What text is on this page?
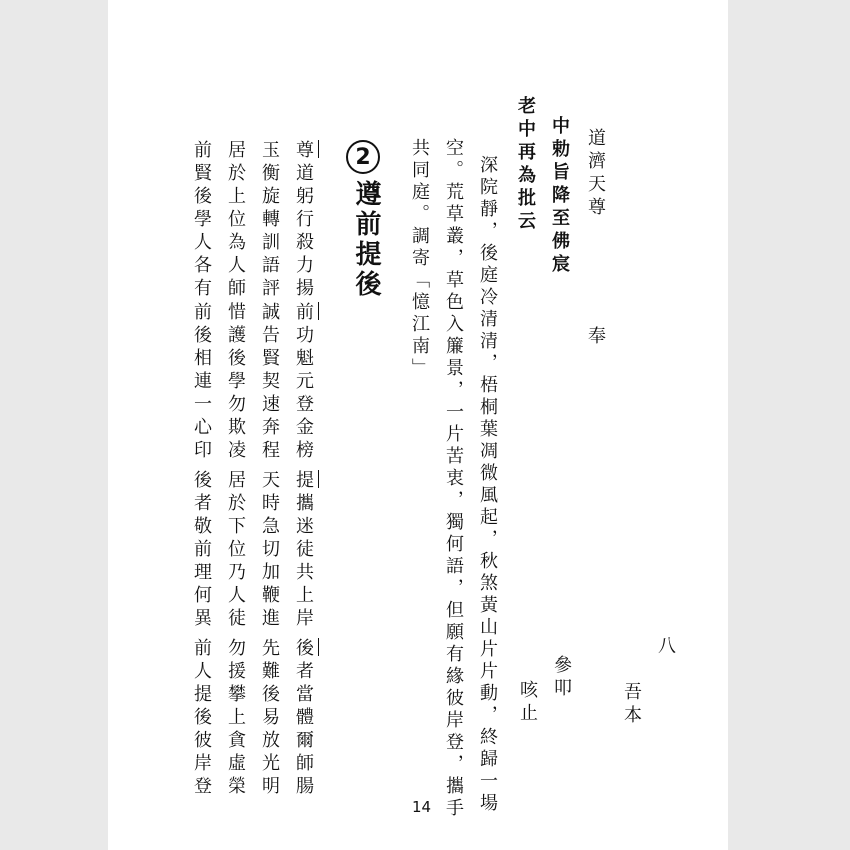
道濟天尊
奉
八
吾本
中勅旨降至佛宸
參叩
老中再為批云
咳止
深院靜，後庭冷清清，梧桐葉凋微風起，秋煞黃山片片動，終歸一場
空。荒草叢，草色入簾景，一片苦衷，獨何語，但願有緣彼岸登，攜手
共同庭。調寄「憶江南」
2
遵前提後
尊道躬行殺力揚
前功魁元登金榜
提攜迷徒共上岸
後者當體爾師腸
玉衡旋轉訓語評
誠告賢契速奔程
天時急切加鞭進
先難後易放光明
居於上位為人師
惜護後學勿欺凌
居於下位乃人徒
勿援攀上貪虛榮
前賢後學人各有
前後相連一心印
後者敬前理何異
前人提後彼岸登
14
